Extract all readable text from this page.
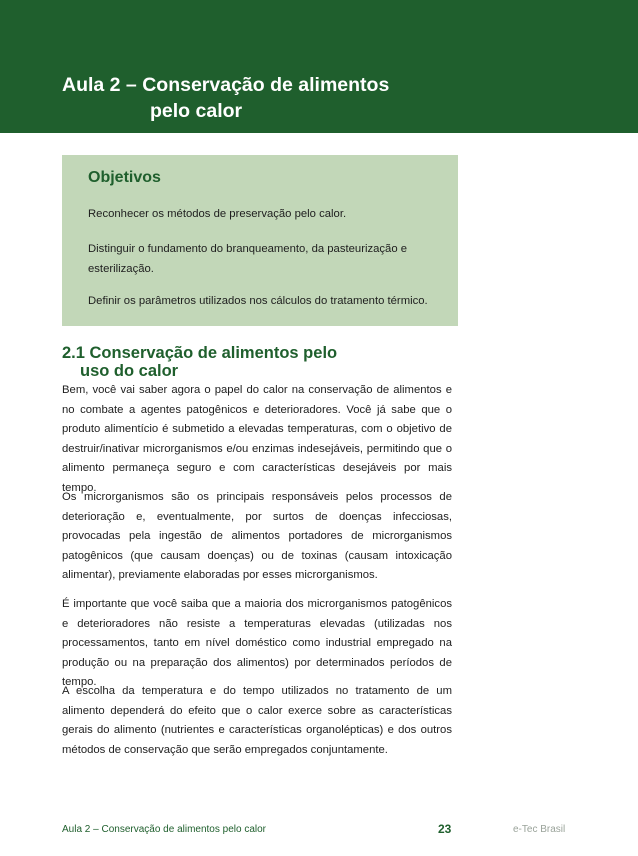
Aula 2 – Conservação de alimentos
pelo calor
Objetivos

Reconhecer os métodos de preservação pelo calor.

Distinguir o fundamento do branqueamento, da pasteurização e esterilização.

Definir os parâmetros utilizados nos cálculos do tratamento térmico.

2.1 Conservação de alimentos pelo
uso do calor

Bem, você vai saber agora o papel do calor na conservação de alimentos e no combate a agentes patogênicos e deterioradores. Você já sabe que o produto alimentício é submetido a elevadas temperaturas, com o objetivo de destruir/inativar microrganismos e/ou enzimas indesejáveis, permitindo que o alimento permaneça seguro e com características desejáveis por mais tempo.

Os microrganismos são os principais responsáveis pelos processos de deterioração e, eventualmente, por surtos de doenças infecciosas, provocadas pela ingestão de alimentos portadores de microrganismos patogênicos (que causam doenças) ou de toxinas (causam intoxicação alimentar), previamente elaboradas por esses microrganismos.

É importante que você saiba que a maioria dos microrganismos patogênicos e deterioradores não resiste a temperaturas elevadas (utilizadas nos processamentos, tanto em nível doméstico como industrial empregado na produção ou na preparação dos alimentos) por determinados períodos de tempo.

A escolha da temperatura e do tempo utilizados no tratamento de um alimento dependerá do efeito que o calor exerce sobre as características gerais do alimento (nutrientes e características organolépticas) e dos outros métodos de conservação que serão empregados conjuntamente.

Aula 2 – Conservação de alimentos pelo calor	23	e-Tec Brasil
